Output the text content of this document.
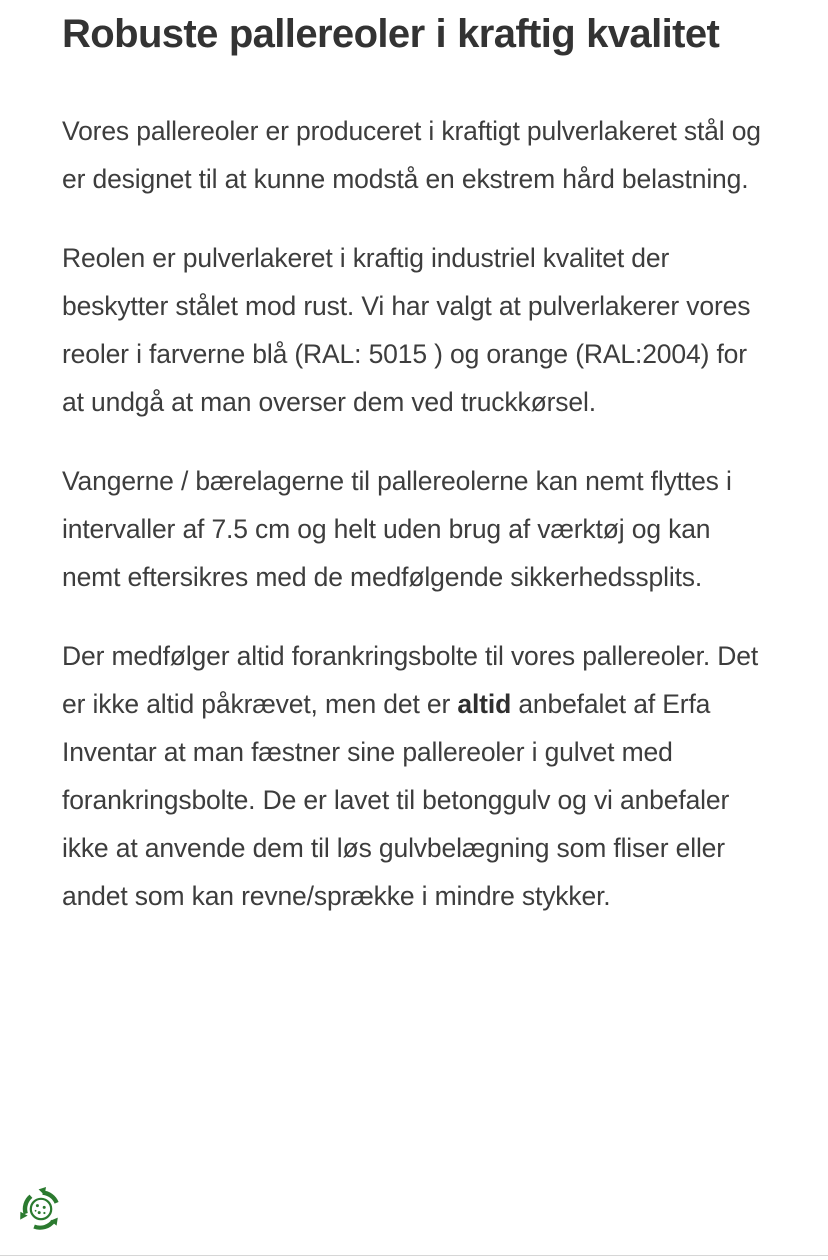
Robuste pallereoler i kraftig kvalitet

Vores pallereoler er produceret i kraftigt pulverlakeret stål og er designet til at kunne modstå en ekstrem hård belastning.

Reolen er pulverlakeret i kraftig industriel kvalitet der beskytter stålet mod rust. Vi har valgt at pulverlakerer vores reoler i farverne blå (RAL: 5015 ) og orange (RAL:2004) for at undgå at man overser dem ved truckkørsel.

Vangerne / bærelagerne til pallereolerne kan nemt flyttes i intervaller af 7.5 cm og helt uden brug af værktøj og kan nemt eftersikres med de medfølgende sikkerhedssplits.

Der medfølger altid forankringsbolte til vores pallereoler. Det er ikke altid påkrævet, men det er altid anbefalet af Erfa Inventar at man fæstner sine pallereoler i gulvet med forankringsbolte. De er lavet til betonggulv og vi anbefaler ikke at anvende dem til løs gulvbelægning som fliser eller andet som kan revne/sprække i mindre stykker.
